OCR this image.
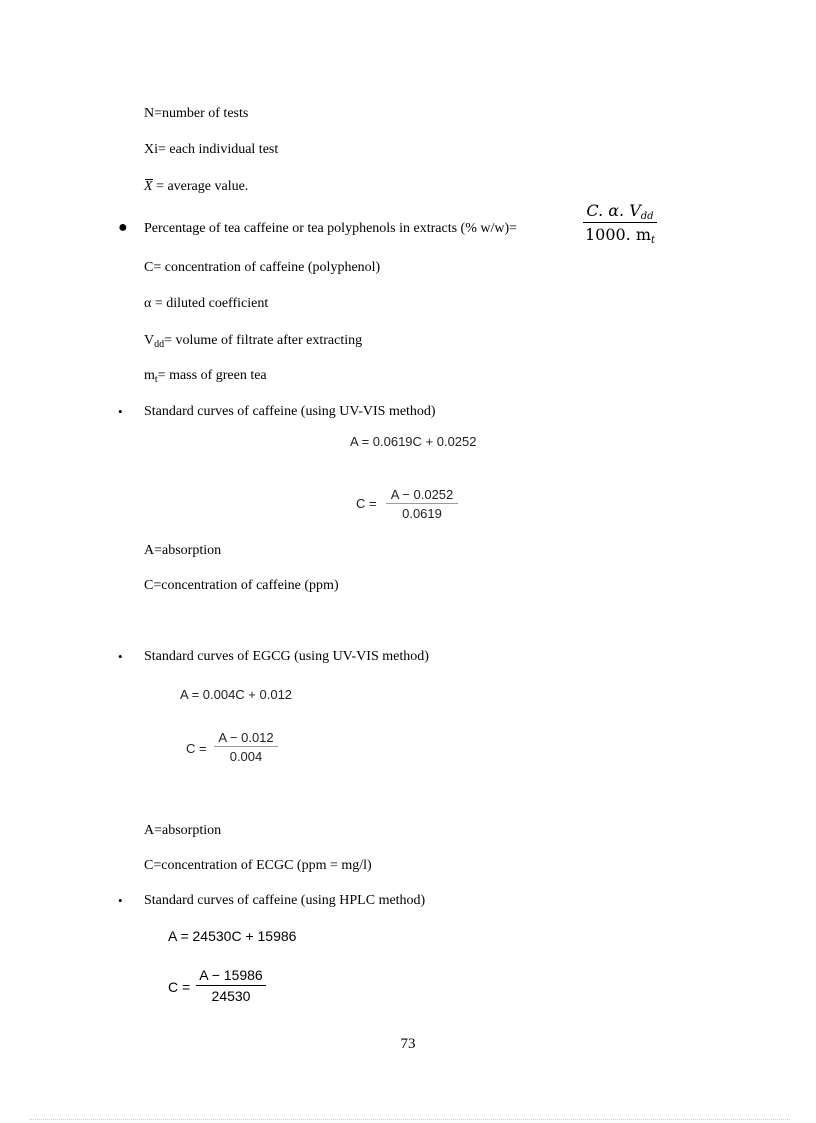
N=number of tests
Xi= each individual test
X = average value.
● Percentage of tea caffeine or tea polyphenols in extracts (% w/w)=
C. α. $V_{dd}$
1000. $m_t$
C= concentration of caffeine (polyphenol)
α = diluted coefficient
$V_{dd}=$ volume of filtrate after extracting
$m_t=$ mass of green tea
• Standard curves of caffeine (using UV-VIS method)
A = 0.0619C + 0.0252
C =
A − 0.0252
0.0619
A=absorption
C=concentration of caffeine (ppm)
• Standard curves of EGCG (using UV-VIS method)
A = 0.004C + 0.012
C =
A − 0.012
0.004
A=absorption
C=concentration of ECGC (ppm = mg/l)
• Standard curves of caffeine (using HPLC method)
A = 24530C + 15986
C =
A − 15986
24530
73
